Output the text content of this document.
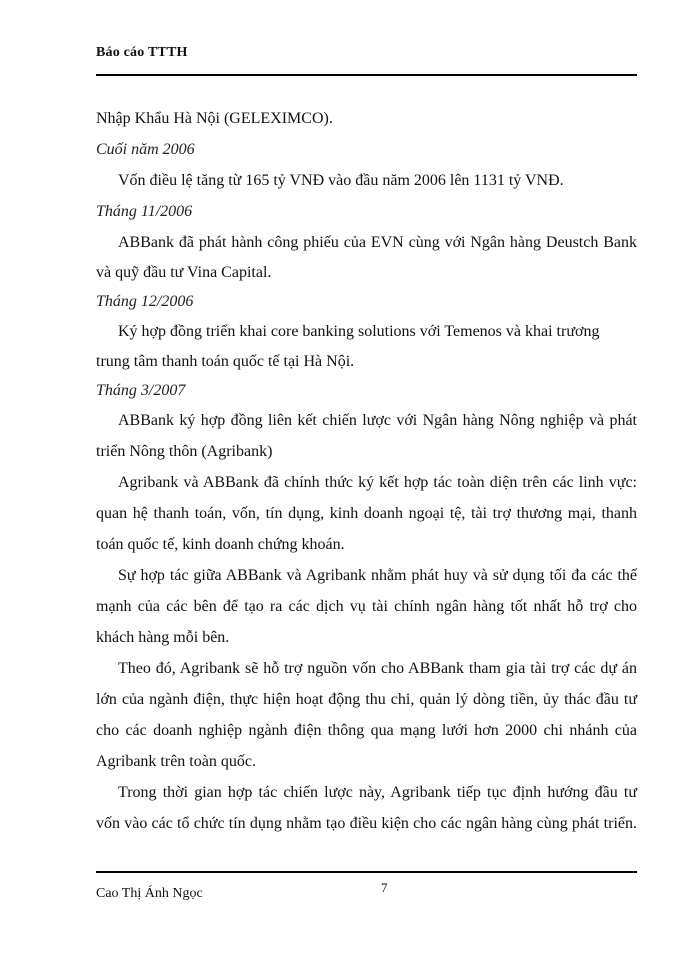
Báo cáo TTTH
Nhập Khẩu Hà Nội (GELEXIMCO).
Cuối năm 2006
Vốn điều lệ tăng từ 165 tỷ VNĐ vào đầu năm 2006 lên 1131 tỷ VNĐ.
Tháng 11/2006
ABBank đã phát hành công phiếu của EVN cùng với Ngân hàng Deustch Bank
và quỹ đầu tư Vina Capital.
Tháng 12/2006
Ký hợp đồng triển khai core banking solutions với Temenos và khai trương
trung tâm thanh toán quốc tế tại Hà Nội.
Tháng 3/2007
ABBank ký hợp đồng liên kết chiến lược với Ngân hàng Nông nghiệp và phát
triển Nông thôn (Agribank)
Agribank và ABBank đã chính thức ký kết hợp tác toàn diện trên các linh vực:
quan hệ thanh toán, vốn, tín dụng, kinh doanh ngoại tệ, tài trợ thương mại, thanh
toán quốc tế, kinh doanh chứng khoán.
Sự hợp tác giữa ABBank và Agribank nhằm phát huy và sử dụng tối đa các thế
mạnh của các bên để tạo ra các dịch vụ tài chính ngân hàng tốt nhất hỗ trợ cho
khách hàng mỗi bên.
Theo đó, Agribank sẽ hỗ trợ nguồn vốn cho ABBank tham gia tài trợ các dự án
lớn của ngành điện, thực hiện hoạt động thu chi, quản lý dòng tiền, ủy thác đầu tư
cho các doanh nghiệp ngành điện thông qua mạng lưới hơn 2000 chi nhánh của
Agribank trên toàn quốc.
Trong thời gian hợp tác chiến lược này, Agribank tiếp tục định hướng đầu tư
vốn vào các tổ chức tín dụng nhằm tạo điều kiện cho các ngân hàng cùng phát triển.
Cao Thị Ánh Ngọc	7
